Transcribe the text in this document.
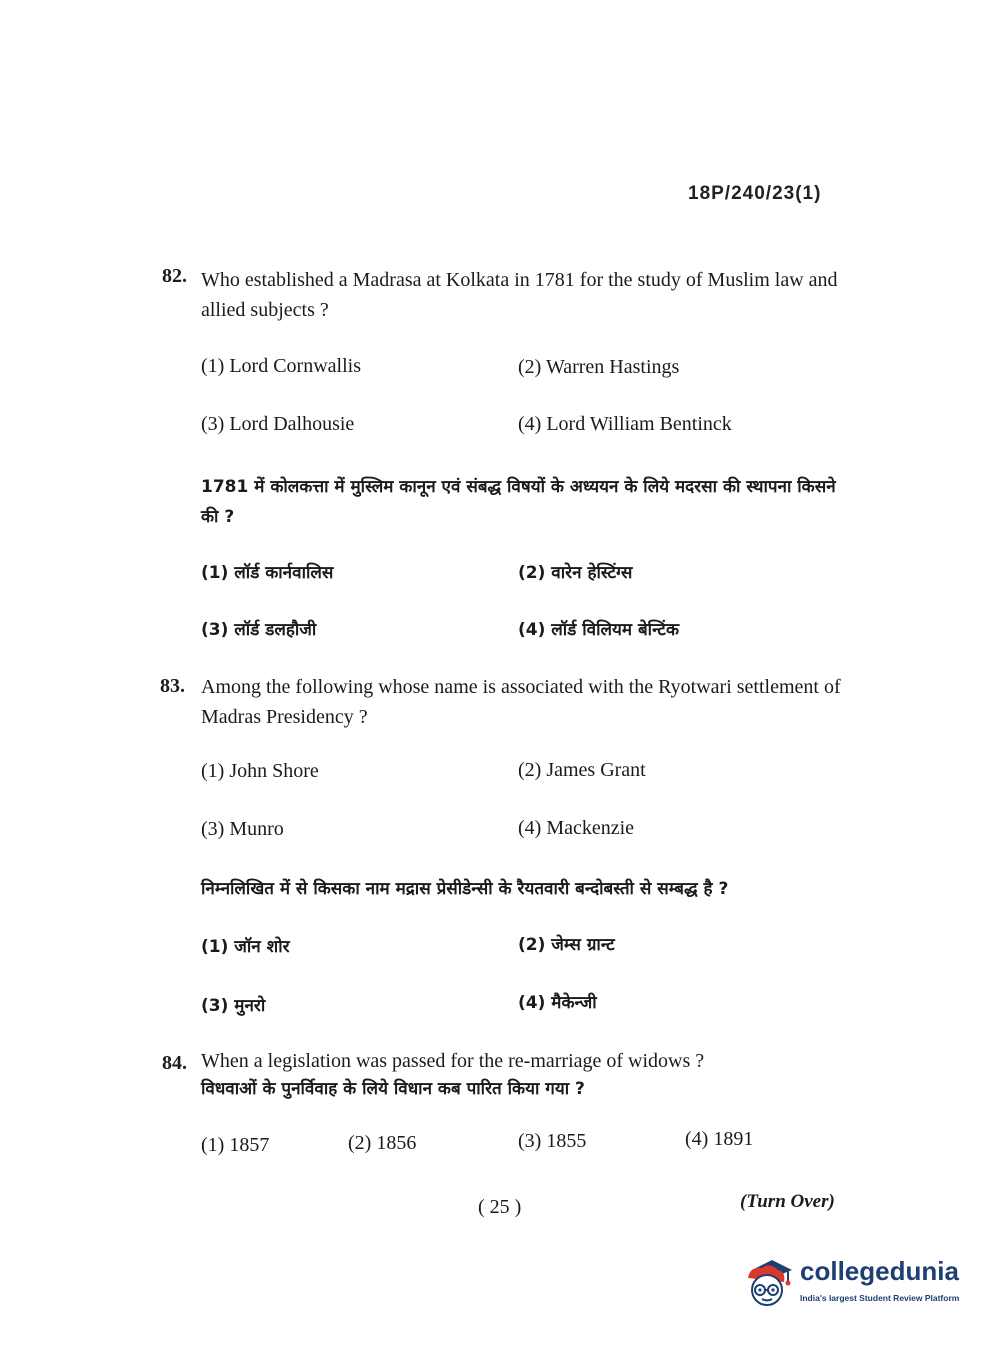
18P/240/23(1)
82. Who established a Madrasa at Kolkata in 1781 for the study of Muslim law and allied subjects ?
(1) Lord Cornwallis	(2) Warren Hastings
(3) Lord Dalhousie	(4) Lord William Bentinck
1781 में कोलकत्ता में मुस्लिम कानून एवं संबद्ध विषयों के अध्ययन के लिये मदरसा की स्थापना किसने की ?
(1) लॉर्ड कार्नवालिस	(2) वारेन हेस्टिंग्स
(3) लॉर्ड डलहौजी	(4) लॉर्ड विलियम बेन्टिंक
83. Among the following whose name is associated with the Ryotwari settlement of Madras Presidency ?
(1) John Shore	(2) James Grant
(3) Munro	(4) Mackenzie
निम्नलिखित में से किसका नाम मद्रास प्रेसीडेन्सी के रैयतवारी बन्दोबस्ती से सम्बद्ध है ?
(1) जॉन शोर	(2) जेम्स ग्रान्ट
(3) मुनरो	(4) मैकेन्जी
84. When a legislation was passed for the re-marriage of widows ?
विधवाओं के पुनर्विवाह के लिये विधान कब पारित किया गया ?
(1) 1857	(2) 1856	(3) 1855	(4) 1891
( 25 )	(Turn Over)
collegedunia
India's largest Student Review Platform
